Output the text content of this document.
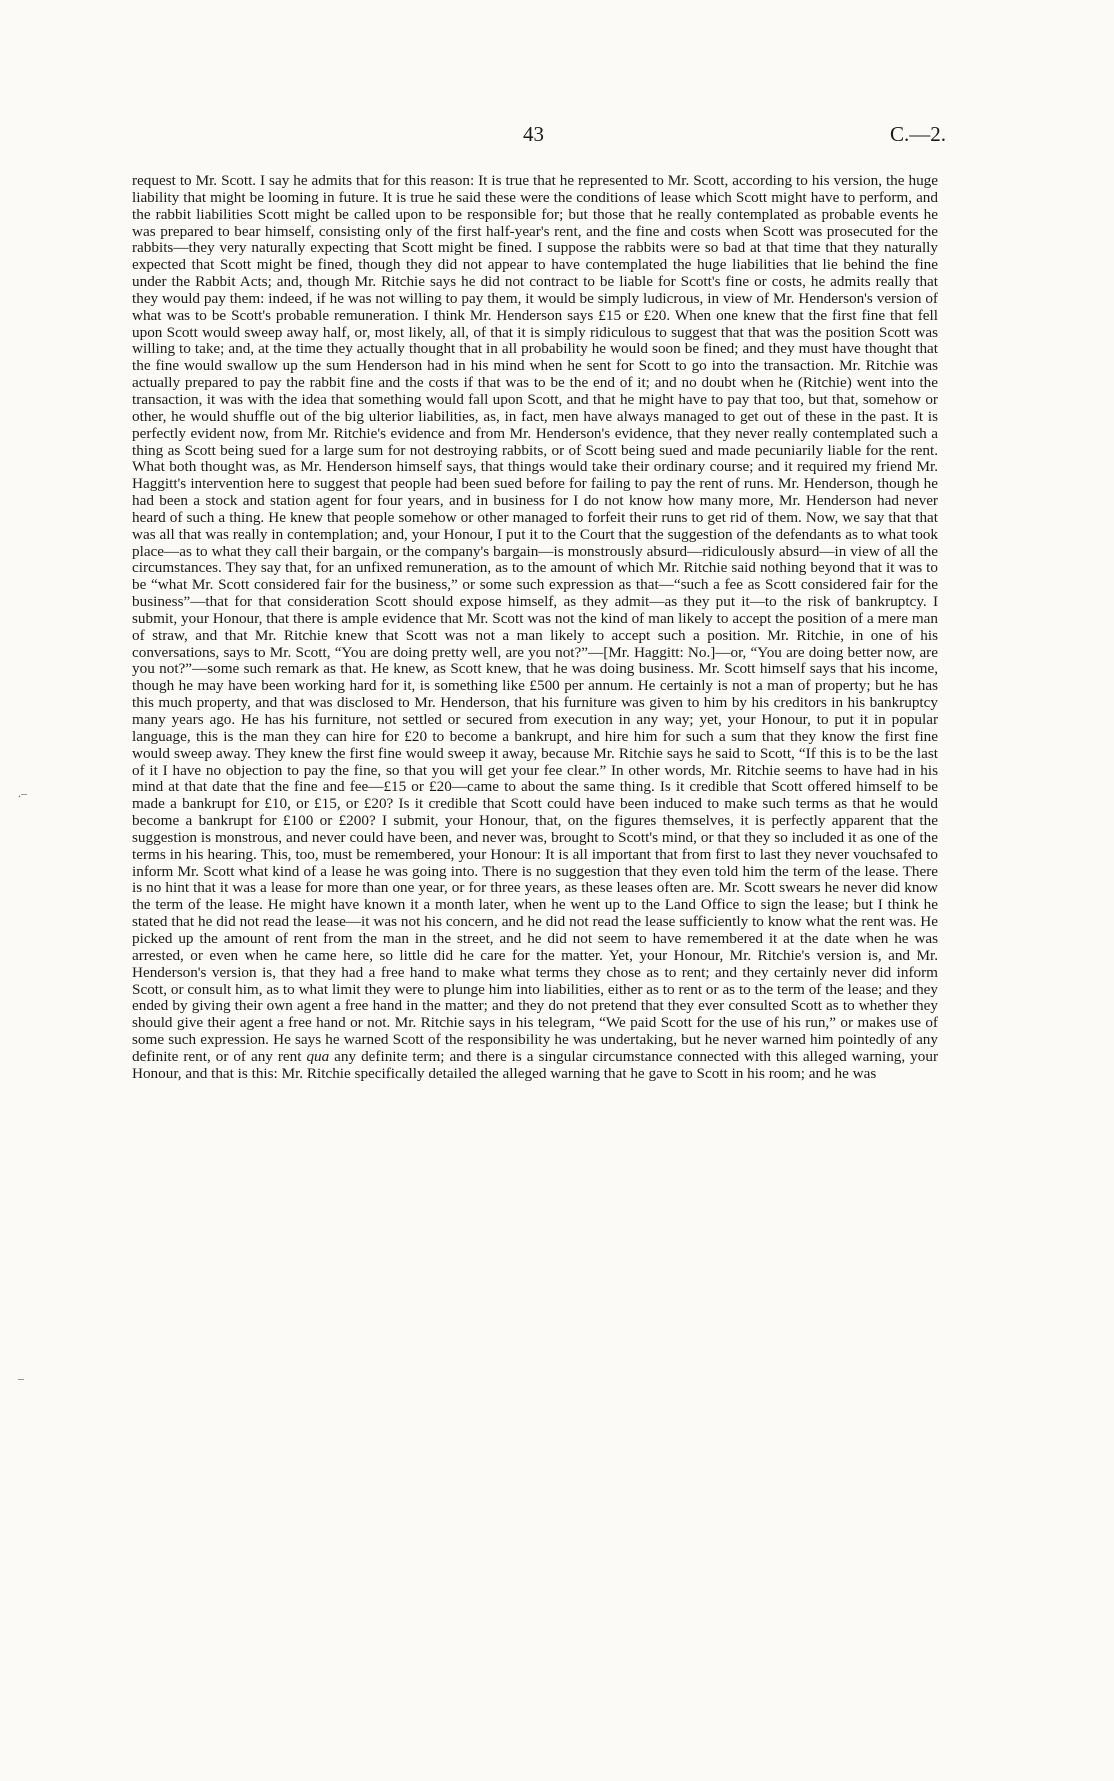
43	C.—2.

request to Mr. Scott. I say he admits that for this reason: It is true that he represented to Mr. Scott, according to his version, the huge liability that might be looming in future. It is true he said these were the conditions of lease which Scott might have to perform, and the rabbit liabilities Scott might be called upon to be responsible for; but those that he really contemplated as probable events he was prepared to bear himself, consisting only of the first half-year's rent, and the fine and costs when Scott was prosecuted for the rabbits—they very naturally expecting that Scott might be fined. I suppose the rabbits were so bad at that time that they naturally expected that Scott might be fined, though they did not appear to have contemplated the huge liabilities that lie behind the fine under the Rabbit Acts; and, though Mr. Ritchie says he did not contract to be liable for Scott's fine or costs, he admits really that they would pay them: indeed, if he was not willing to pay them, it would be simply ludicrous, in view of Mr. Henderson's version of what was to be Scott's probable remuneration. I think Mr. Henderson says £15 or £20. When one knew that the first fine that fell upon Scott would sweep away half, or, most likely, all, of that it is simply ridiculous to suggest that that was the position Scott was willing to take; and, at the time they actually thought that in all probability he would soon be fined; and they must have thought that the fine would swallow up the sum Henderson had in his mind when he sent for Scott to go into the transaction. Mr. Ritchie was actually prepared to pay the rabbit fine and the costs if that was to be the end of it; and no doubt when he (Ritchie) went into the transaction, it was with the idea that something would fall upon Scott, and that he might have to pay that too, but that, somehow or other, he would shuffle out of the big ulterior liabilities, as, in fact, men have always managed to get out of these in the past. It is perfectly evident now, from Mr. Ritchie's evidence and from Mr. Henderson's evidence, that they never really contemplated such a thing as Scott being sued for a large sum for not destroying rabbits, or of Scott being sued and made pecuniarily liable for the rent. What both thought was, as Mr. Henderson himself says, that things would take their ordinary course; and it required my friend Mr. Haggitt's intervention here to suggest that people had been sued before for failing to pay the rent of runs. Mr. Henderson, though he had been a stock and station agent for four years, and in business for I do not know how many more, Mr. Henderson had never heard of such a thing. He knew that people somehow or other managed to forfeit their runs to get rid of them. Now, we say that that was all that was really in contemplation; and, your Honour, I put it to the Court that the suggestion of the defendants as to what took place—as to what they call their bargain, or the company's bargain—is monstrously absurd—ridiculously absurd—in view of all the circumstances. They say that, for an unfixed remuneration, as to the amount of which Mr. Ritchie said nothing beyond that it was to be “what Mr. Scott considered fair for the business,” or some such expression as that—“such a fee as Scott considered fair for the business”—that for that consideration Scott should expose himself, as they admit—as they put it—to the risk of bankruptcy. I submit, your Honour, that there is ample evidence that Mr. Scott was not the kind of man likely to accept the position of a mere man of straw, and that Mr. Ritchie knew that Scott was not a man likely to accept such a position. Mr. Ritchie, in one of his conversations, says to Mr. Scott, “You are doing pretty well, are you not?”—[Mr. Haggitt: No.]—or, “You are doing better now, are you not?”—some such remark as that. He knew, as Scott knew, that he was doing business. Mr. Scott himself says that his income, though he may have been working hard for it, is something like £500 per annum. He certainly is not a man of property; but he has this much property, and that was disclosed to Mr. Henderson, that his furniture was given to him by his creditors in his bankruptcy many years ago. He has his furniture, not settled or secured from execution in any way; yet, your Honour, to put it in popular language, this is the man they can hire for £20 to become a bankrupt, and hire him for such a sum that they know the first fine would sweep away. They knew the first fine would sweep it away, because Mr. Ritchie says he said to Scott, “If this is to be the last of it I have no objection to pay the fine, so that you will get your fee clear.” In other words, Mr. Ritchie seems to have had in his mind at that date that the fine and fee—£15 or £20—came to about the same thing. Is it credible that Scott offered himself to be made a bankrupt for £10, or £15, or £20? Is it credible that Scott could have been induced to make such terms as that he would become a bankrupt for £100 or £200? I submit, your Honour, that, on the figures themselves, it is perfectly apparent that the suggestion is monstrous, and never could have been, and never was, brought to Scott's mind, or that they so included it as one of the terms in his hearing. This, too, must be remembered, your Honour: It is all important that from first to last they never vouchsafed to inform Mr. Scott what kind of a lease he was going into. There is no suggestion that they even told him the term of the lease. There is no hint that it was a lease for more than one year, or for three years, as these leases often are. Mr. Scott swears he never did know the term of the lease. He might have known it a month later, when he went up to the Land Office to sign the lease; but I think he stated that he did not read the lease—it was not his concern, and he did not read the lease sufficiently to know what the rent was. He picked up the amount of rent from the man in the street, and he did not seem to have remembered it at the date when he was arrested, or even when he came here, so little did he care for the matter. Yet, your Honour, Mr. Ritchie's version is, and Mr. Henderson's version is, that they had a free hand to make what terms they chose as to rent; and they certainly never did inform Scott, or consult him, as to what limit they were to plunge him into liabilities, either as to rent or as to the term of the lease; and they ended by giving their own agent a free hand in the matter; and they do not pretend that they ever consulted Scott as to whether they should give their agent a free hand or not. Mr. Ritchie says in his telegram, “We paid Scott for the use of his run,” or makes use of some such expression. He says he warned Scott of the responsibility he was undertaking, but he never warned him pointedly of any definite rent, or of any rent qua any definite term; and there is a singular circumstance connected with this alleged warning, your Honour, and that is this: Mr. Ritchie specifically detailed the alleged warning that he gave to Scott in his room; and he was

.–
–
